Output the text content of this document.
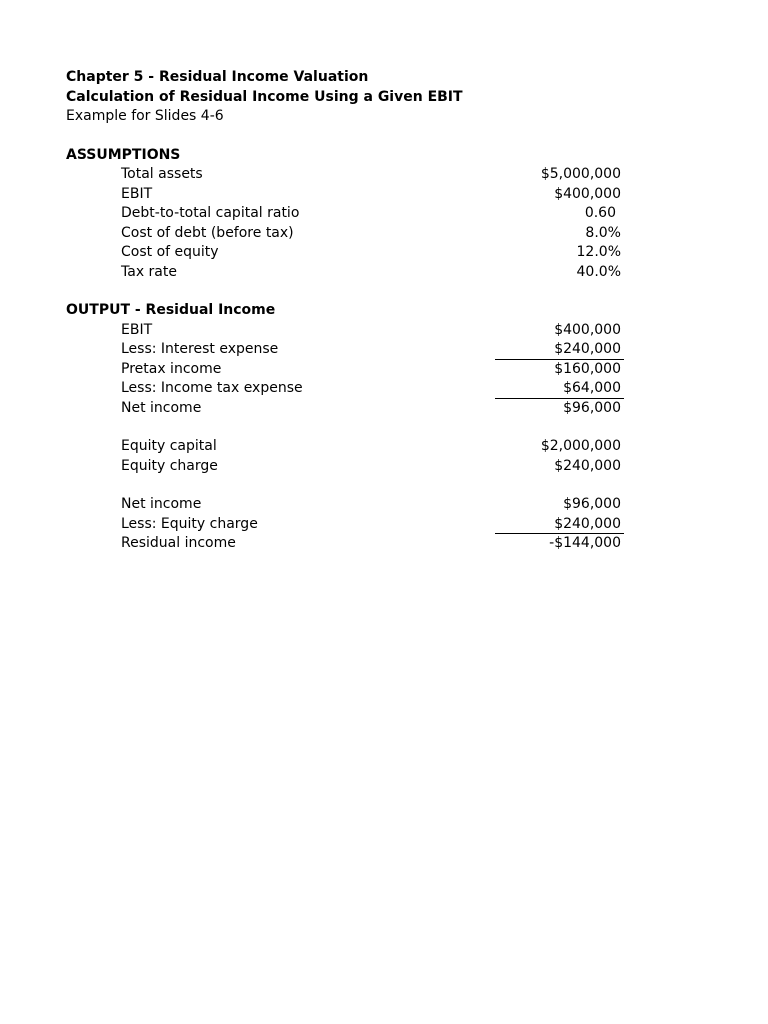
Chapter 5 - Residual Income Valuation
Calculation of Residual Income Using a Given EBIT
Example for Slides 4-6
ASSUMPTIONS
Total assets	$5,000,000
EBIT	$400,000
Debt-to-total capital ratio	0.60
Cost of debt (before tax)	8.0%
Cost of equity	12.0%
Tax rate	40.0%
OUTPUT - Residual Income
EBIT	$400,000
Less: Interest expense	$240,000
Pretax income	$160,000
Less: Income tax expense	$64,000
Net income	$96,000
Equity capital	$2,000,000
Equity charge	$240,000
Net income	$96,000
Less: Equity charge	$240,000
Residual income	-$144,000
